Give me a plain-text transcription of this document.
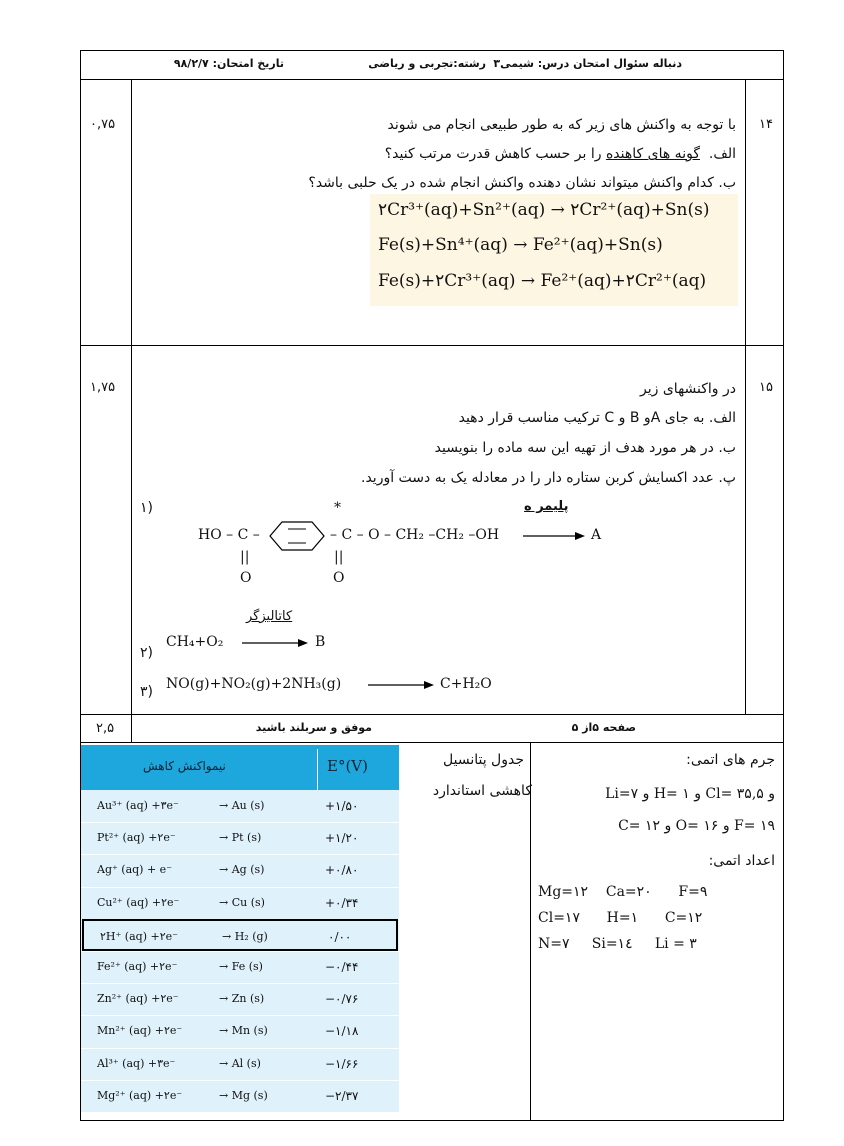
دنباله سئوال امتحان درس: شیمی۳
رشته:تجربی و ریاضی
تاریخ امتحان: ۹۸/۲/۷
۱۴
۰,۷۵	با توجه به واکنش های زیر که به طور طبیعی انجام می شوند
الف.  گونه های کاهنده را بر حسب کاهش قدرت مرتب کنید؟
ب. کدام واکنش میتواند نشان دهنده واکنش انجام شده در یک حلبی باشد؟
۲Cr³⁺(aq)+Sn²⁺(aq) → ۲Cr²⁺(aq)+Sn(s)
Fe(s)+Sn⁴⁺(aq) → Fe²⁺(aq)+Sn(s)
Fe(s)+۲Cr³⁺(aq) → Fe²⁺(aq)+۲Cr²⁺(aq)
۱۵
۱,۷۵	در واکنشهای زیر
الف. به جای Aو B و C ترکیب مناسب قرار دهید
ب. در هر مورد هدف از تهیه این سه ماده را بنویسید
پ. عدد اکسایش کربن ستاره دار را در معادله یک به دست آورید.
۱)	*	پلیمر ه
HO – C –	– C – O – CH₂ –CH₂ –OH	A
||	||
O	O
کاتالیزگر
۲)
CH₄+O₂	B
۳) NO(g)+NO₂(g)+2NH₃(g)	C+H₂O
۲,۵	موفق و سربلند باشید	صفحه ۵از ۵
نیمواکنش کاهش	E°(V)
Au³⁺ (aq) +۳e⁻	→ Au (s)	+۱/۵۰
Pt²⁺ (aq) +۲e⁻	→ Pt (s)	+۱/۲۰
Ag⁺ (aq) + e⁻	→ Ag (s)	+۰/۸۰
Cu²⁺ (aq) +۲e⁻	→ Cu (s)	+۰/۳۴
۲H⁺ (aq) +۲e⁻	→ H₂ (g)	۰/۰۰
Fe²⁺ (aq) +۲e⁻	→ Fe (s)	−۰/۴۴
Zn²⁺ (aq) +۲e⁻	→ Zn (s)	−۰/۷۶
Mn²⁺ (aq) +۲e⁻	→ Mn (s)	−۱/۱۸
Al³⁺ (aq) +۳e⁻	→ Al (s)	−۱/۶۶
Mg²⁺ (aq) +۲e⁻	→ Mg (s)	−۲/۳۷
جدول پتانسیل
کاهشی استاندارد
جرم های اتمی:
Li=۷ و H= ۱ و Cl= ۳۵,۵ و
C= ۱۲ و O= ۱۶ و F= ۱۹
اعداد اتمی:
Mg=۱۲    Ca=۲۰      F=۹
Cl=۱۷      H=۱      C=۱۲
N=۷     Si=۱٤     Li = ۳
